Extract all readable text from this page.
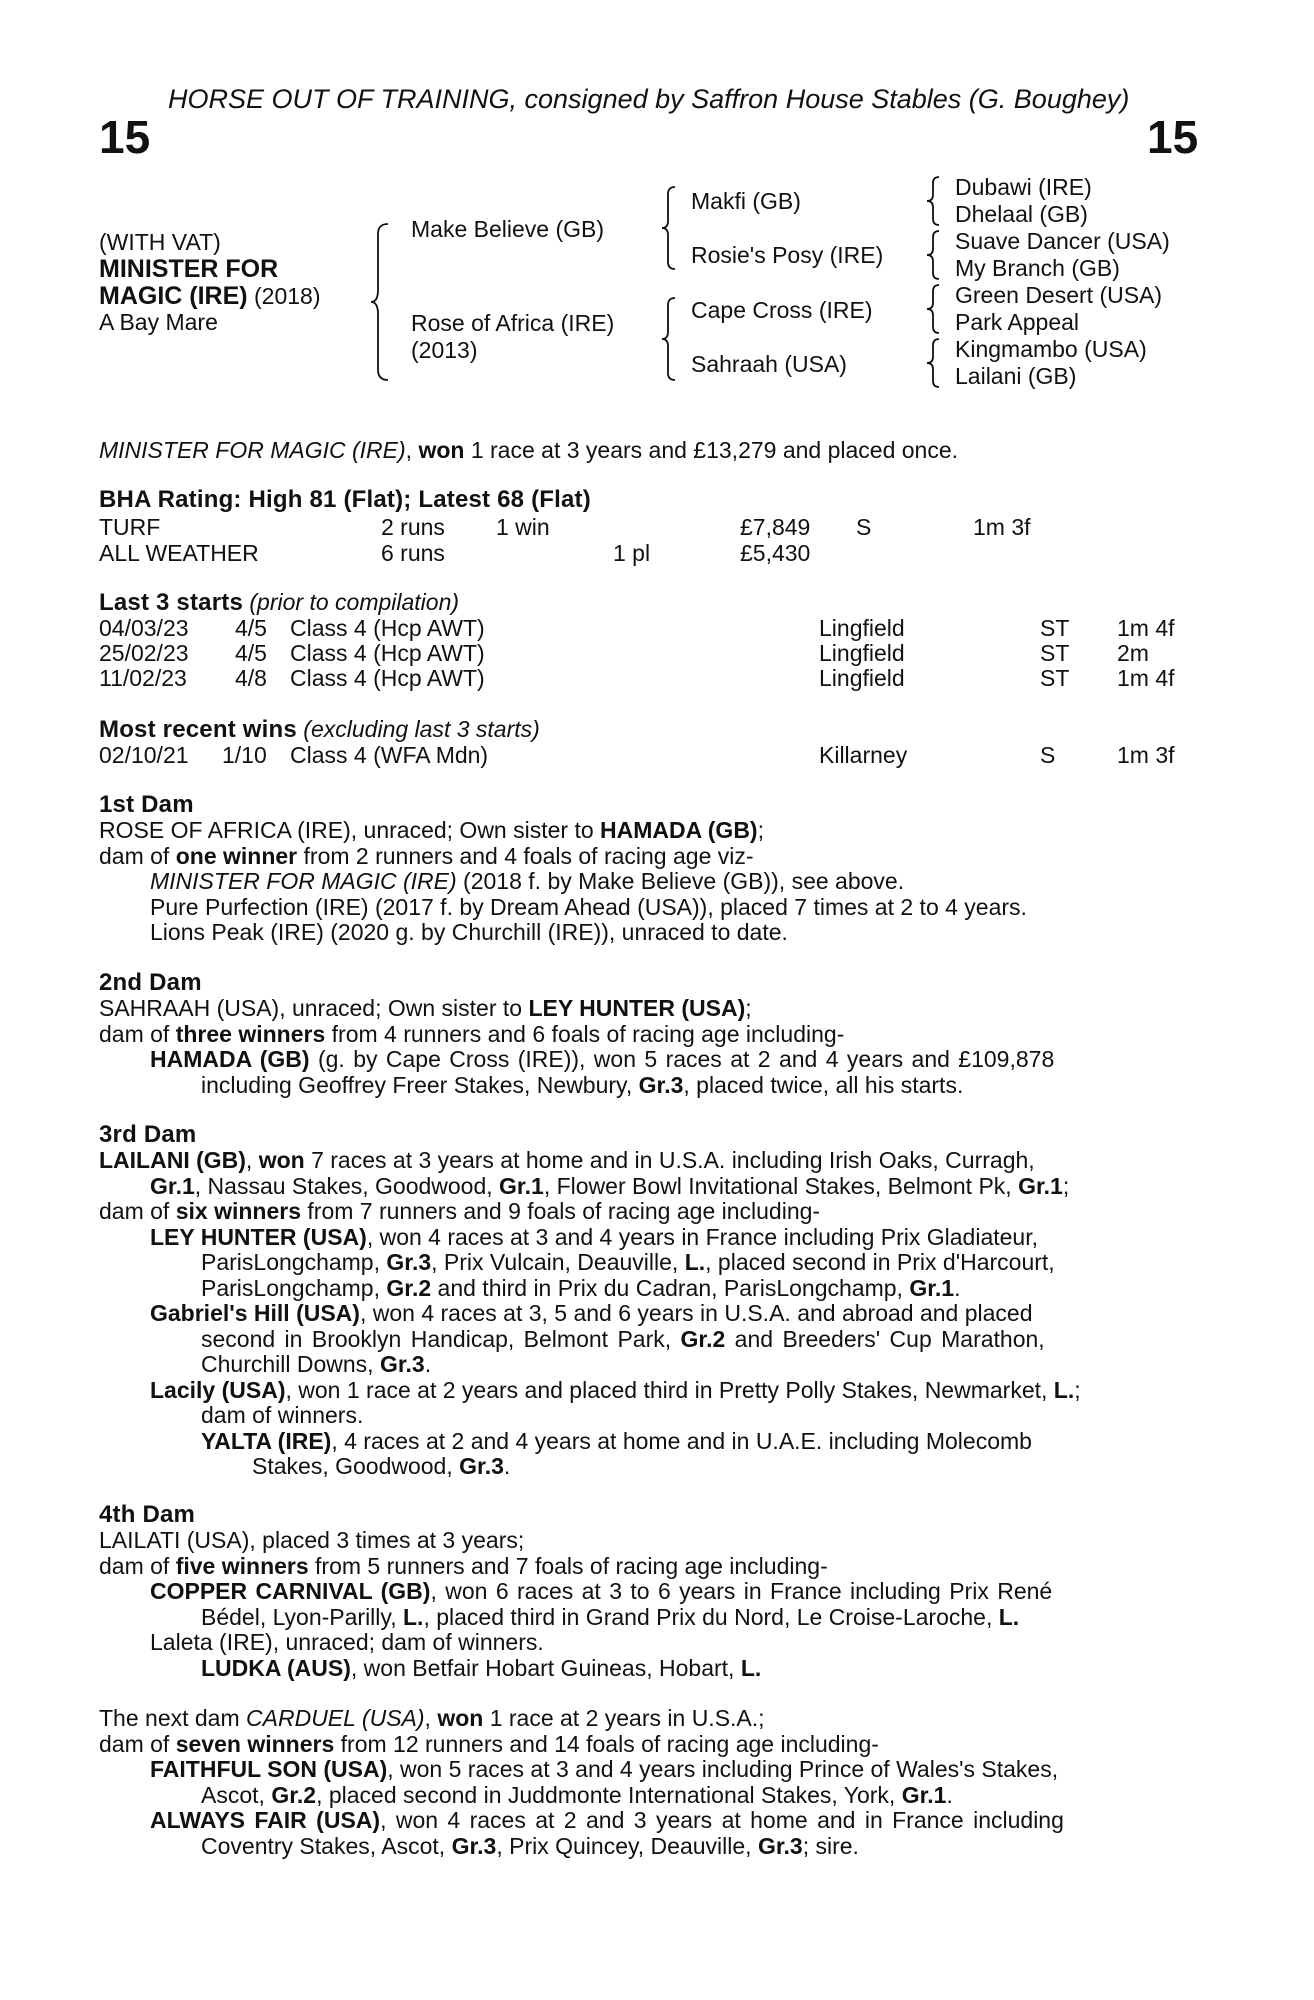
HORSE OUT OF TRAINING, consigned by Saffron House Stables (G. Boughey)
15	15
(WITH VAT)
MINISTER FOR
MAGIC (IRE) (2018)
A Bay Mare
Make Believe (GB)
Rose of Africa (IRE)
(2013)
Makfi (GB)
Rosie's Posy (IRE)
Cape Cross (IRE)
Sahraah (USA)
Dubawi (IRE)
Dhelaal (GB)
Suave Dancer (USA)
My Branch (GB)
Green Desert (USA)
Park Appeal
Kingmambo (USA)
Lailani (GB)
MINISTER FOR MAGIC (IRE), won 1 race at 3 years and £13,279 and placed once.
BHA Rating: High 81 (Flat); Latest 68 (Flat)
TURF	2 runs 1 win	£7,849 S	1m 3f
ALL WEATHER	6 runs	1 pl	£5,430
Last 3 starts (prior to compilation)
04/03/23 4/5 Class 4 (Hcp AWT)	Lingfield	ST 1m 4f
25/02/23 4/5 Class 4 (Hcp AWT)	Lingfield	ST 2m
11/02/23 4/8 Class 4 (Hcp AWT)	Lingfield	ST 1m 4f
Most recent wins (excluding last 3 starts)
02/10/21 1/10 Class 4 (WFA Mdn)	Killarney	S	1m 3f
1st Dam
ROSE OF AFRICA (IRE), unraced; Own sister to HAMADA (GB);
dam of one winner from 2 runners and 4 foals of racing age viz-
MINISTER FOR MAGIC (IRE) (2018 f. by Make Believe (GB)), see above.
Pure Purfection (IRE) (2017 f. by Dream Ahead (USA)), placed 7 times at 2 to 4 years.
Lions Peak (IRE) (2020 g. by Churchill (IRE)), unraced to date.
2nd Dam
SAHRAAH (USA), unraced; Own sister to LEY HUNTER (USA);
dam of three winners from 4 runners and 6 foals of racing age including-
HAMADA (GB) (g. by Cape Cross (IRE)), won 5 races at 2 and 4 years and £109,878
including Geoffrey Freer Stakes, Newbury, Gr.3, placed twice, all his starts.
3rd Dam
LAILANI (GB), won 7 races at 3 years at home and in U.S.A. including Irish Oaks, Curragh,
Gr.1, Nassau Stakes, Goodwood, Gr.1, Flower Bowl Invitational Stakes, Belmont Pk, Gr.1;
dam of six winners from 7 runners and 9 foals of racing age including-
LEY HUNTER (USA), won 4 races at 3 and 4 years in France including Prix Gladiateur,
ParisLongchamp, Gr.3, Prix Vulcain, Deauville, L., placed second in Prix d'Harcourt,
ParisLongchamp, Gr.2 and third in Prix du Cadran, ParisLongchamp, Gr.1.
Gabriel's Hill (USA), won 4 races at 3, 5 and 6 years in U.S.A. and abroad and placed
second in Brooklyn Handicap, Belmont Park, Gr.2 and Breeders' Cup Marathon,
Churchill Downs, Gr.3.
Lacily (USA), won 1 race at 2 years and placed third in Pretty Polly Stakes, Newmarket, L.;
dam of winners.
YALTA (IRE), 4 races at 2 and 4 years at home and in U.A.E. including Molecomb
Stakes, Goodwood, Gr.3.
4th Dam
LAILATI (USA), placed 3 times at 3 years;
dam of five winners from 5 runners and 7 foals of racing age including-
COPPER CARNIVAL (GB), won 6 races at 3 to 6 years in France including Prix René
Bédel, Lyon-Parilly, L., placed third in Grand Prix du Nord, Le Croise-Laroche, L.
Laleta (IRE), unraced; dam of winners.
LUDKA (AUS), won Betfair Hobart Guineas, Hobart, L.
The next dam CARDUEL (USA), won 1 race at 2 years in U.S.A.;
dam of seven winners from 12 runners and 14 foals of racing age including-
FAITHFUL SON (USA), won 5 races at 3 and 4 years including Prince of Wales's Stakes,
Ascot, Gr.2, placed second in Juddmonte International Stakes, York, Gr.1.
ALWAYS FAIR (USA), won 4 races at 2 and 3 years at home and in France including
Coventry Stakes, Ascot, Gr.3, Prix Quincey, Deauville, Gr.3; sire.
